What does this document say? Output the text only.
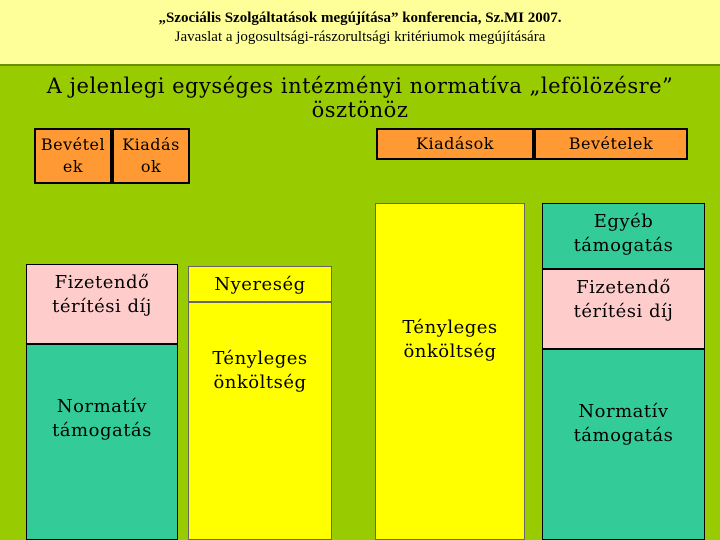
„Szociális Szolgáltatások megújítása” konferencia, Sz.MI 2007.
Javaslat a jogosultsági-rászorultsági kritériumok megújítására
A jelenlegi egységes intézményi normatíva „lefölözésre” ösztönöz
Bevétel
ek
Kiadás
ok
Kiadások	Bevételek
Fizetendő térítési díj
Normatív támogatás
Nyereség
Tényleges önköltség
Tényleges önköltség
Egyéb támogatás
Fizetendő térítési díj
Normatív támogatás
